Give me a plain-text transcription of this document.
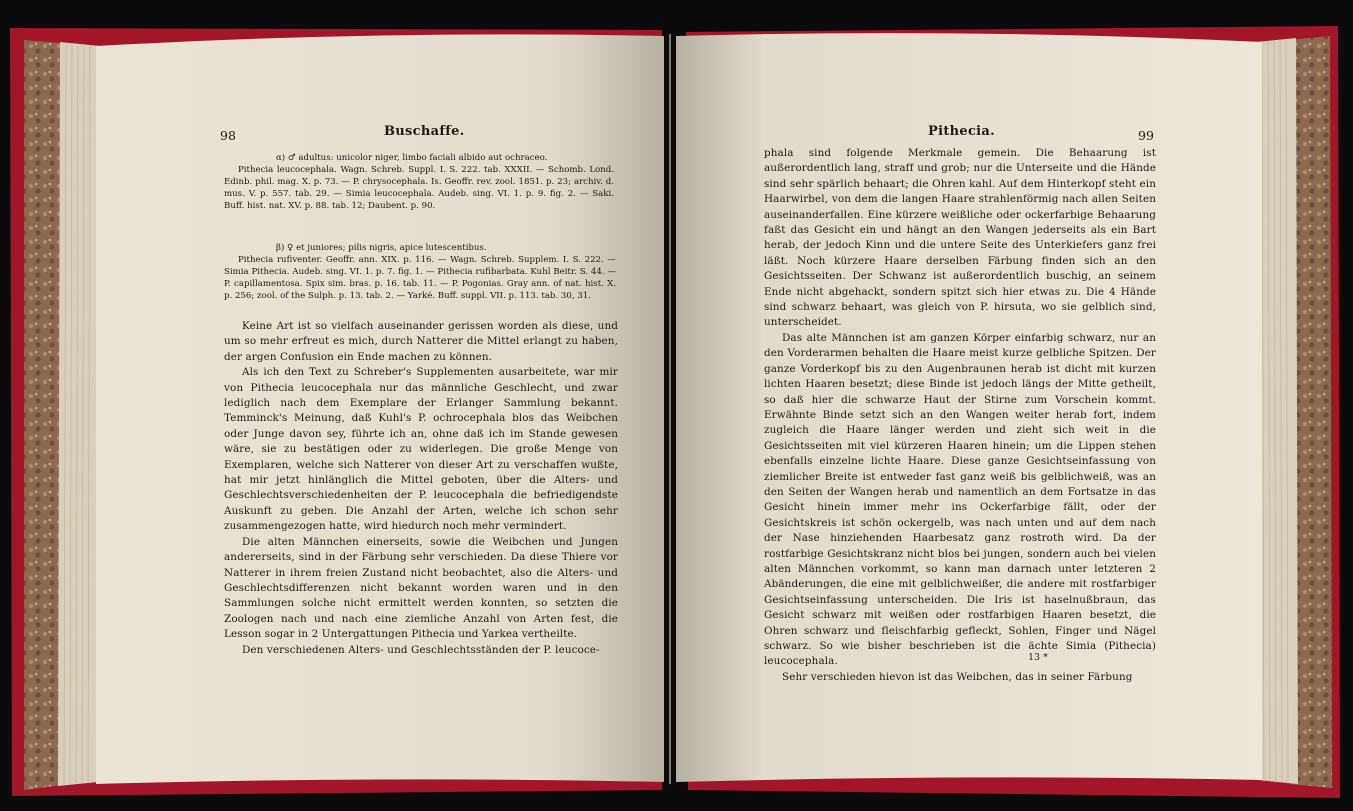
98	Buschaffe.

α) ♂ adultus: unicolor niger, limbo faciali albido aut ochraceo.

Pithecia leucocephala. Wagn. Schreb. Suppl. I. S. 222. tab. XXXII. — Schomb. Lond. Edinb. phil. mag. X. p. 73. — P. chrysocephala. Is. Geoffr. rev. zool. 1851. p. 23; archiv. d. mus. V. p. 557. tab. 29. — Simia leucocephala. Audeb. sing. VI. 1. p. 9. fig. 2. — Saki. Buff. hist. nat. XV. p. 88. tab. 12; Daubent. p. 90.

β) ♀ et juniores; pilis nigris, apice lutescentibus.

Pithecia rufiventer. Geoffr. ann. XIX. p. 116. — Wagn. Schreb. Supplem. I. S. 222. — Simia Pithecia. Audeb. sing. VI. 1. p. 7. fig. 1. — Pithecia rufibarbata. Kuhl Beitr. S. 44. — P. capillamentosa. Spix sim. bras. p. 16. tab. 11. — P. Pogonias. Gray ann. of nat. hist. X. p. 256; zool. of the Sulph. p. 13. tab. 2. — Yarké. Buff. suppl. VII. p. 113. tab. 30, 31.

Keine Art ist so vielfach auseinander gerissen worden als diese, und um so mehr erfreut es mich, durch Natterer die Mittel erlangt zu haben, der argen Confusion ein Ende machen zu können.

Als ich den Text zu Schreber's Supplementen ausarbeitete, war mir von Pithecia leucocephala nur das männliche Geschlecht, und zwar lediglich nach dem Exemplare der Erlanger Sammlung bekannt. Temminck's Meinung, daß Kuhl's P. ochrocephala blos das Weibchen oder Junge davon sey, führte ich an, ohne daß ich im Stande gewesen wäre, sie zu bestätigen oder zu widerlegen. Die große Menge von Exemplaren, welche sich Natterer von dieser Art zu verschaffen wußte, hat mir jetzt hinlänglich die Mittel geboten, über die Alters- und Geschlechtsverschiedenheiten der P. leucocephala die befriedigendste Auskunft zu geben. Die Anzahl der Arten, welche ich schon sehr zusammengezogen hatte, wird hiedurch noch mehr vermindert.

Die alten Männchen einerseits, sowie die Weibchen und Jungen andererseits, sind in der Färbung sehr verschieden. Da diese Thiere vor Natterer in ihrem freien Zustand nicht beobachtet, also die Alters- und Geschlechtsdifferenzen nicht bekannt worden waren und in den Sammlungen solche nicht ermittelt werden konnten, so setzten die Zoologen nach und nach eine ziemliche Anzahl von Arten fest, die Lesson sogar in 2 Untergattungen Pithecia und Yarkea vertheilte.

Den verschiedenen Alters- und Geschlechtsständen der P. leucoce-

Pithecia.	99

phala sind folgende Merkmale gemein. Die Behaarung ist außerordentlich lang, straff und grob; nur die Unterseite und die Hände sind sehr spärlich behaart; die Ohren kahl. Auf dem Hinterkopf steht ein Haarwirbel, von dem die langen Haare strahlenförmig nach allen Seiten auseinanderfallen. Eine kürzere weißliche oder ockerfarbige Behaarung faßt das Gesicht ein und hängt an den Wangen jederseits als ein Bart herab, der jedoch Kinn und die untere Seite des Unterkiefers ganz frei läßt. Noch kürzere Haare derselben Färbung finden sich an den Gesichtsseiten. Der Schwanz ist außerordentlich buschig, an seinem Ende nicht abgehackt, sondern spitzt sich hier etwas zu. Die 4 Hände sind schwarz behaart, was gleich von P. hirsuta, wo sie gelblich sind, unterscheidet.

Das alte Männchen ist am ganzen Körper einfarbig schwarz, nur an den Vorderarmen behalten die Haare meist kurze gelbliche Spitzen. Der ganze Vorderkopf bis zu den Augenbraunen herab ist dicht mit kurzen lichten Haaren besetzt; diese Binde ist jedoch längs der Mitte getheilt, so daß hier die schwarze Haut der Stirne zum Vorschein kommt. Erwähnte Binde setzt sich an den Wangen weiter herab fort, indem zugleich die Haare länger werden und zieht sich weit in die Gesichtsseiten mit viel kürzeren Haaren hinein; um die Lippen stehen ebenfalls einzelne lichte Haare. Diese ganze Gesichtseinfassung von ziemlicher Breite ist entweder fast ganz weiß bis gelblichweiß, was an den Seiten der Wangen herab und namentlich an dem Fortsatze in das Gesicht hinein immer mehr ins Ockerfarbige fällt, oder der Gesichtskreis ist schön ockergelb, was nach unten und auf dem nach der Nase hinziehenden Haarbesatz ganz rostroth wird. Da der rostfarbige Gesichtskranz nicht blos bei jungen, sondern auch bei vielen alten Männchen vorkommt, so kann man darnach unter letzteren 2 Abänderungen, die eine mit gelblichweißer, die andere mit rostfarbiger Gesichtseinfassung unterscheiden. Die Iris ist haselnußbraun, das Gesicht schwarz mit weißen oder rostfarbigen Haaren besetzt, die Ohren schwarz und fleischfarbig gefleckt, Sohlen, Finger und Nägel schwarz. So wie bisher beschrieben ist die ächte Simia (Pithecia) leucocephala.

Sehr verschieden hievon ist das Weibchen, das in seiner Färbung

13 *
